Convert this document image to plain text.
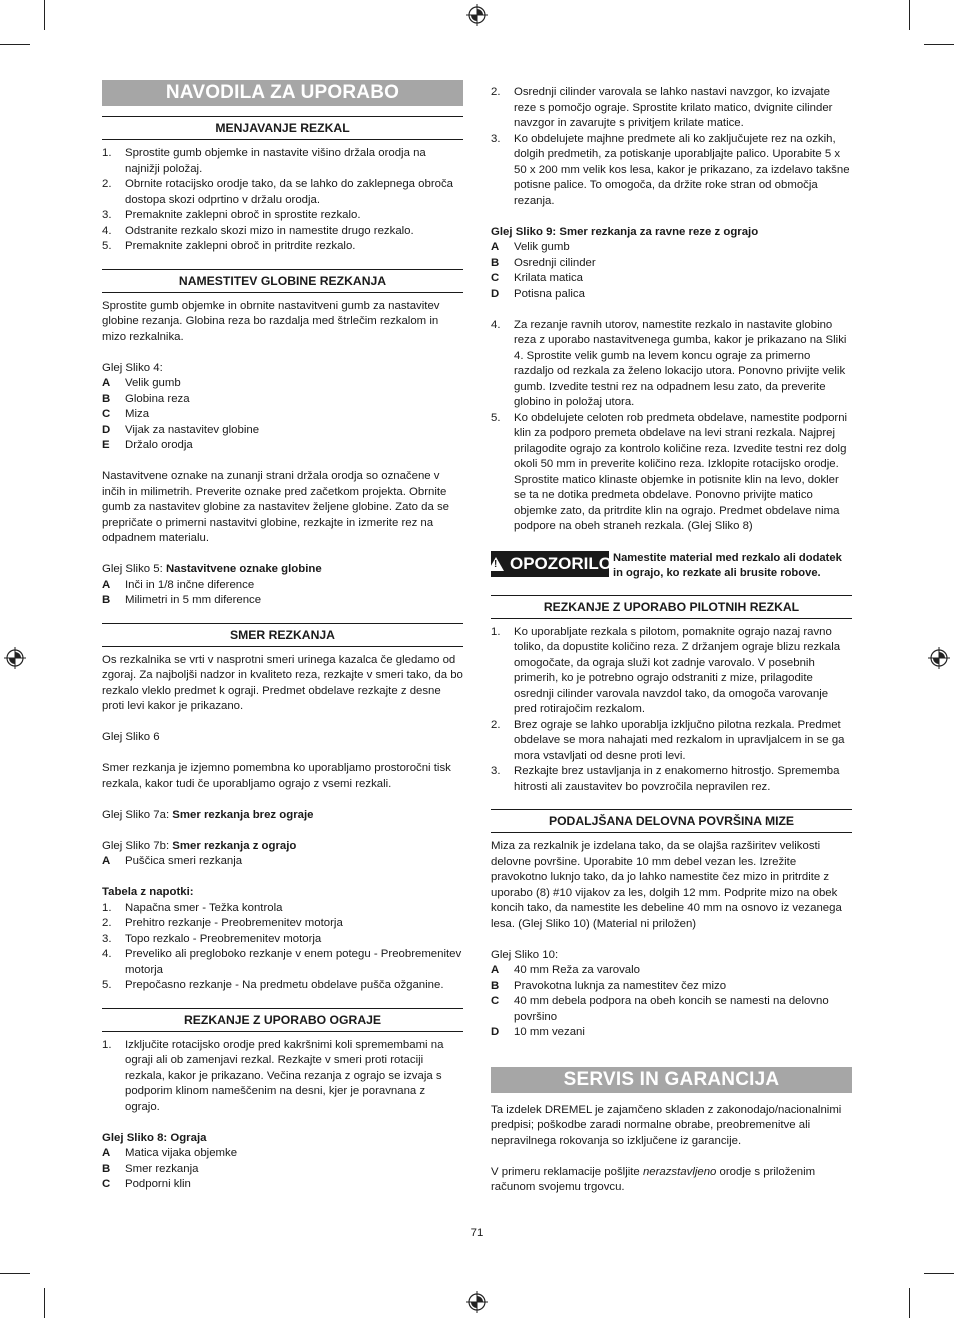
NAVODILA ZA UPORABO
MENJAVANJE REZKAL
1.	Sprostite gumb objemke in nastavite višino držala orodja na najnižji položaj.
2.	Obrnite rotacijsko orodje tako, da se lahko do zaklepnega obroča dostopa skozi odprtino v držalu orodja.
3.	Premaknite zaklepni obroč in sprostite rezkalo.
4.	Odstranite rezkalo skozi mizo in namestite drugo rezkalo.
5.	Premaknite zaklepni obroč in pritrdite rezkalo.
NAMESTITEV GLOBINE REZKANJA

Sprostite gumb objemke in obrnite nastavitveni gumb za nastavitev globine rezanja. Globina reza bo razdalja med štrlečim rezkalom in mizo rezkalnika.

Glej Sliko 4:

A	Velik gumb
B	Globina reza
C	Miza
D	Vijak za nastavitev globine
E	Držalo orodja

Nastavitvene oznake na zunanji strani držala orodja so označene v inčih in milimetrih. Preverite oznake pred začetkom projekta. Obrnite gumb za nastavitev globine za nastavitev željene globine. Zato da se prepričate o primerni nastavitvi globine, rezkajte in izmerite rez na odpadnem materialu.

Glej Sliko 5: Nastavitvene oznake globine

A	Inči in 1/8 inčne diference
B	Milimetri in 5 mm diference
SMER REZKANJA

Os rezkalnika se vrti v nasprotni smeri urinega kazalca če gledamo od zgoraj. Za najboljši nadzor in kvaliteto reza, rezkajte v smeri tako, da bo rezkalo vleklo predmet k ograji. Predmet obdelave rezkajte z desne proti levi kakor je prikazano.

Glej Sliko 6

Smer rezkanja je izjemno pomembna ko uporabljamo prostoročni tisk rezkala, kakor tudi če uporabljamo ograjo z vsemi rezkali.

Glej Sliko 7a: Smer rezkanja brez ograje

Glej Sliko 7b: Smer rezkanja z ograjo

A	Puščica smeri rezkanja

Tabela z napotki:

1.	Napačna smer - Težka kontrola
2.	Prehitro rezkanje - Preobremenitev motorja
3.	Topo rezkalo - Preobremenitev motorja
4.	Preveliko ali pregloboko rezkanje v enem potegu - Preobremenitev motorja
5.	Prepočasno rezkanje - Na predmetu obdelave pušča ožganine.
REZKANJE Z UPORABO OGRAJE
1.	Izključite rotacijsko orodje pred kakršnimi koli spremembami na ograji ali ob zamenjavi rezkal. Rezkajte v smeri proti rotaciji rezkala, kakor je prikazano. Večina rezanja z ograjo se izvaja s podporim klinom nameščenim na desni, kjer je poravnana z ograjo.

Glej Sliko 8: Ograja

A	Matica vijaka objemke
B	Smer rezkanja
C	Podporni klin
2.	Osrednji cilinder varovala se lahko nastavi navzgor, ko izvajate reze s pomočjo ograje. Sprostite krilato matico, dvignite cilinder navzgor in zavarujte s privitjem krilate matice.
3.	Ko obdelujete majhne predmete ali ko zaključujete rez na ozkih, dolgih predmetih, za potiskanje uporabljajte palico. Uporabite 5 x 50 x 200 mm velik kos lesa, kakor je prikazano, za izdelavo takšne potisne palice. To omogoča, da držite roke stran od območja rezanja.

Glej Sliko 9: Smer rezkanja za ravne reze z ograjo

A	Velik gumb
B	Osrednji cilinder
C	Krilata matica
D	Potisna palica
4.	Za rezanje ravnih utorov, namestite rezkalo in nastavite globino reza z uporabo nastavitvenega gumba, kakor je prikazano na Sliki 4. Sprostite velik gumb na levem koncu ograje za primerno razdaljo od rezkala za želeno lokacijo utora. Ponovno privijte velik gumb. Izvedite testni rez na odpadnem lesu zato, da preverite globino in položaj utora.
5.	Ko obdelujete celoten rob predmeta obdelave, namestite podporni klin za podporo premeta obdelave na levi strani rezkala. Najprej prilagodite ograjo za kontrolo količine reza. Izvedite testni rez dolg okoli 50 mm in preverite količino reza. Izklopite rotacijsko orodje. Sprostite matico klinaste objemke in potisnite klin na levo, dokler se ta ne dotika predmeta obdelave. Ponovno privijte matico objemke zato, da pritrdite klin na ograjo. Predmet obdelave nima podpore na obeh straneh rezkala. (Glej Sliko 8)
! OPOZORILO Namestite material med rezkalo ali dodatek in ograjo, ko rezkate ali brusite robove.
REZKANJE Z UPORABO PILOTNIH REZKAL
1.	Ko uporabljate rezkala s pilotom, pomaknite ograjo nazaj ravno toliko, da dopustite količino reza. Z držanjem ograje blizu rezkala omogočate, da ograja služi kot zadnje varovalo. V posebnih primerih, ko je potrebno ograjo odstraniti z mize, prilagodite osrednji cilinder varovala navzdol tako, da omogoča varovanje pred rotirajočim rezkalom.
2.	Brez ograje se lahko uporablja izključno pilotna rezkala. Predmet obdelave se mora nahajati med rezkalom in upravljalcem in se ga mora vstavljati od desne proti levi.
3.	Rezkajte brez ustavljanja in z enakomerno hitrostjo. Sprememba hitrosti ali zaustavitev bo povzročila nepravilen rez.
PODALJŠANA DELOVNA POVRŠINA MIZE

Miza za rezkalnik je izdelana tako, da se olajša razširitev velikosti delovne površine. Uporabite 10 mm debel vezan les. Izrežite pravokotno luknjo tako, da jo lahko namestite čez mizo in pritrdite z uporabo (8) #10 vijakov za les, dolgih 12 mm. Podprite mizo na obek koncih tako, da namestite les debeline 40 mm na osnovo iz vezanega lesa. (Glej Sliko 10) (Material ni priložen)

Glej Sliko 10:

A	40 mm Reža za varovalo
B	Pravokotna luknja za namestitev čez mizo
C	40 mm debela podpora na obeh koncih se namesti na delovno površino
D	10 mm vezani
SERVIS IN GARANCIJA

Ta izdelek DREMEL je zajamčeno skladen z zakonodajo/nacionalnimi predpisi; poškodbe zaradi normalne obrabe, preobremenitve ali nepravilnega rokovanja so izključene iz garancije.

V primeru reklamacije pošljite nerazstavljeno orodje s priloženim računom svojemu trgovcu.

71
